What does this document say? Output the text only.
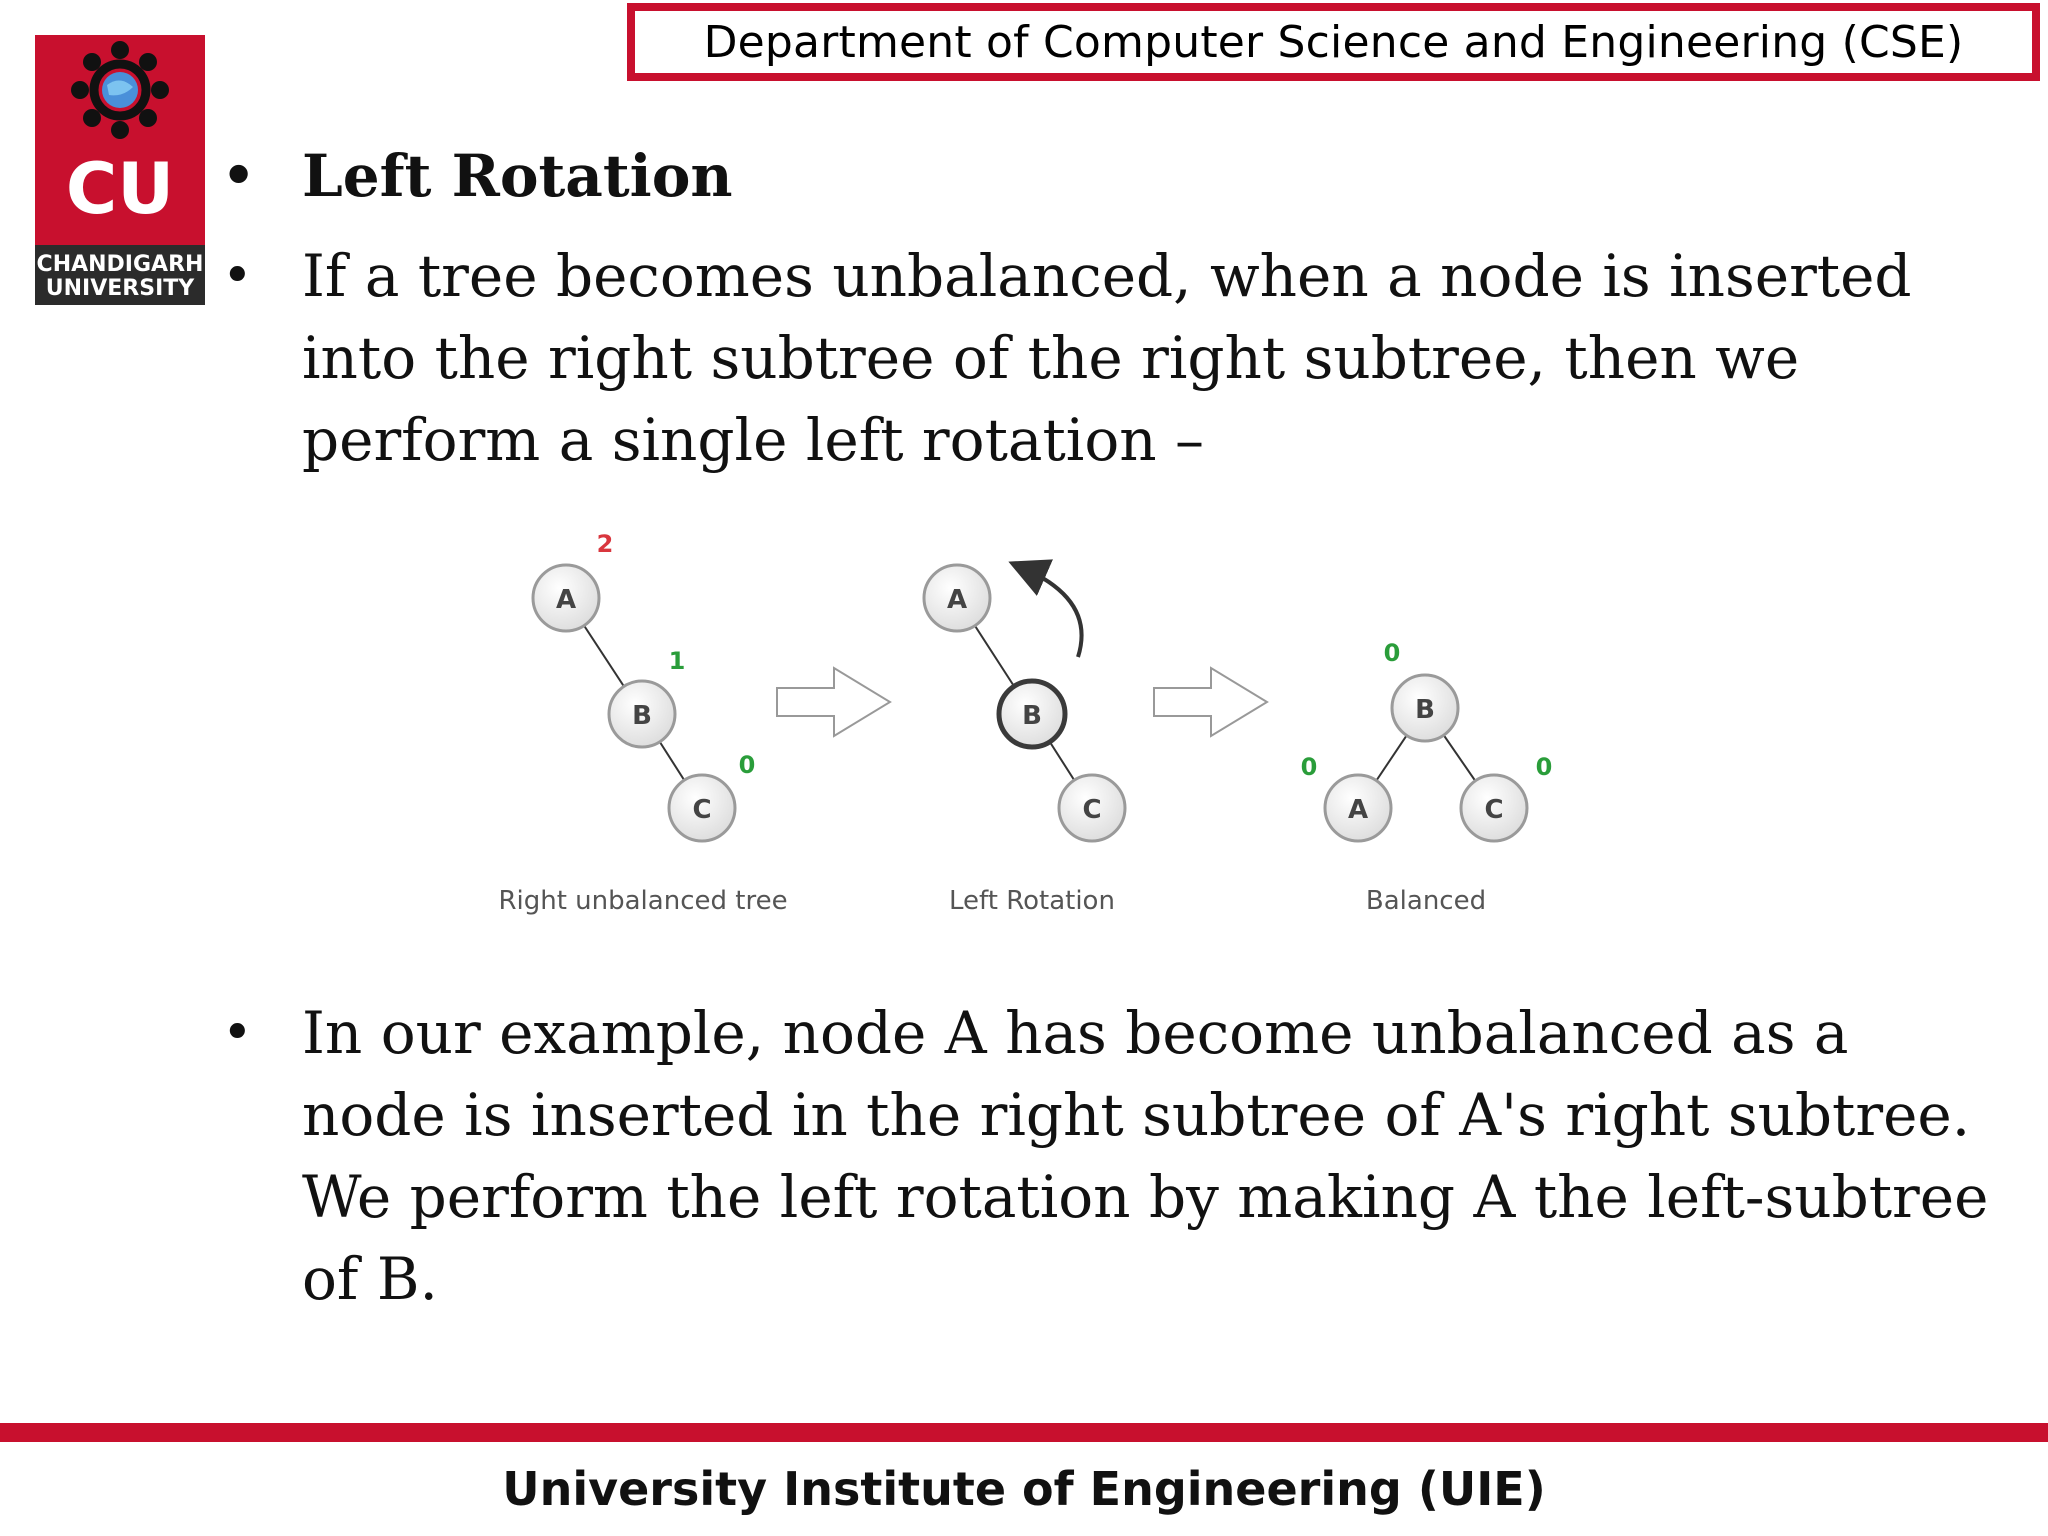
Department of Computer Science and Engineering (CSE)
CU
CHANDIGARH
UNIVERSITY
• Left Rotation
• If a tree becomes unbalanced, when a node is inserted into the right subtree of the right subtree, then we perform a single left rotation –
• In our example, node A has become unbalanced as a node is inserted in the right subtree of A's right subtree. We perform the left rotation by making A the left-subtree of B.
A
B
C
2
1
0
Right unbalanced tree
A
B
C
Left Rotation
B
A	C
0
0	0
Balanced
University Institute of Engineering (UIE)
